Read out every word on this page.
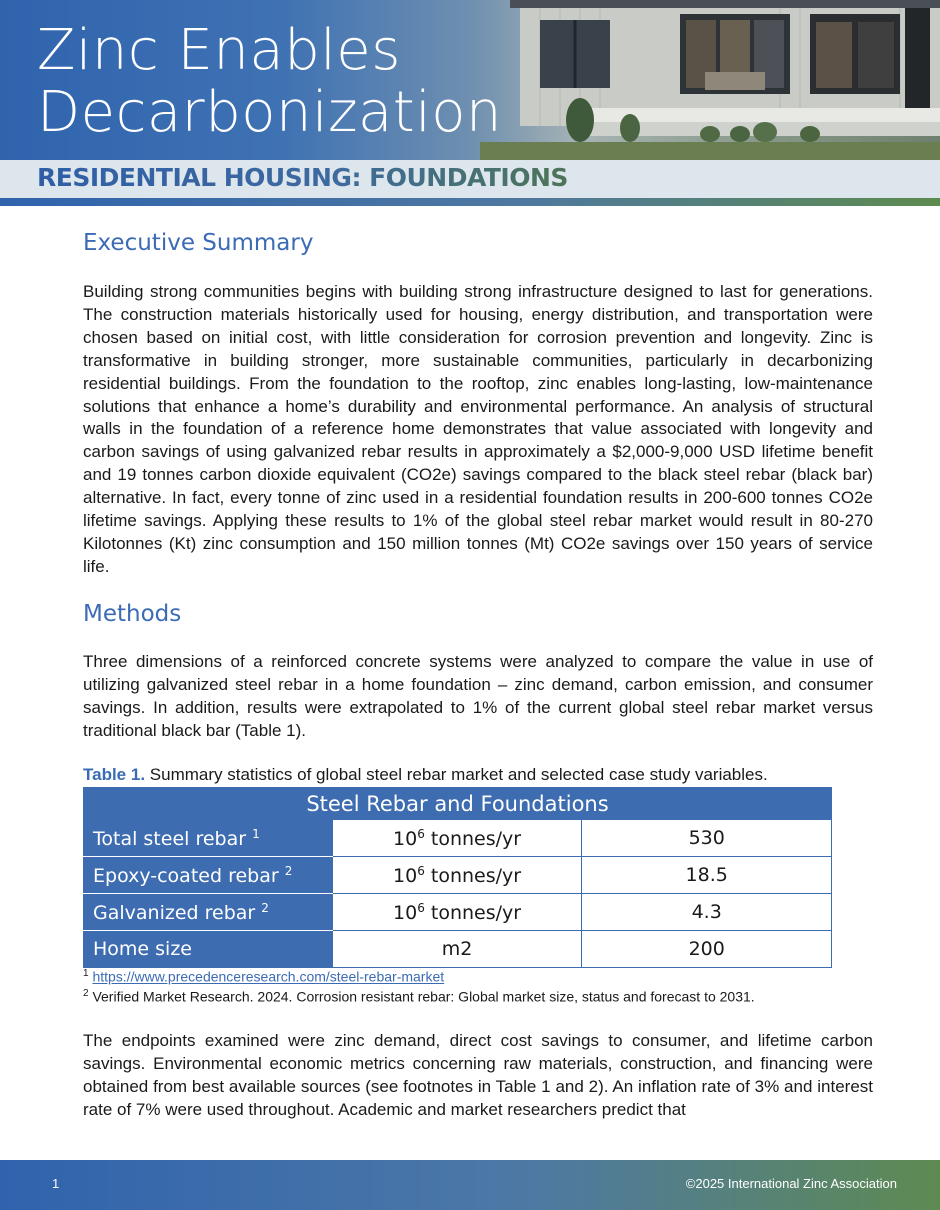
Zinc Enables
Decarbonization
RESIDENTIAL HOUSING: FOUNDATIONS
Executive Summary

Building strong communities begins with building strong infrastructure designed to last for generations. The construction materials historically used for housing, energy distribution, and transportation were chosen based on initial cost, with little consideration for corrosion prevention and longevity. Zinc is transformative in building stronger, more sustainable communities, particularly in decarbonizing residential buildings. From the foundation to the rooftop, zinc enables long-lasting, low-maintenance solutions that enhance a home’s durability and environmental performance. An analysis of structural walls in the foundation of a reference home demonstrates that value associated with longevity and carbon savings of using galvanized rebar results in approximately a $2,000-9,000 USD lifetime benefit and 19 tonnes carbon dioxide equivalent (CO2e) savings compared to the black steel rebar (black bar) alternative. In fact, every tonne of zinc used in a residential foundation results in 200-600 tonnes CO2e lifetime savings. Applying these results to 1% of the global steel rebar market would result in 80-270 Kilotonnes (Kt) zinc consumption and 150 million tonnes (Mt) CO2e savings over 150 years of service life.

Methods

Three dimensions of a reinforced concrete systems were analyzed to compare the value in use of utilizing galvanized steel rebar in a home foundation – zinc demand, carbon emission, and consumer savings. In addition, results were extrapolated to 1% of the current global steel rebar market versus traditional black bar (Table 1).

Table 1. Summary statistics of global steel rebar market and selected case study variables.
Steel Rebar and Foundations		
Total steel rebar $^1$	$10^6$ tonnes/yr	530
Epoxy-coated rebar $^2$	$10^6$ tonnes/yr	18.5
Galvanized rebar $^2$	$10^6$ tonnes/yr	4.3
Home size	m2	200
$^1$ https://www.precedenceresearch.com/steel-rebar-market
$^2$ Verified Market Research. 2024. Corrosion resistant rebar: Global market size, status and forecast to 2031.

The endpoints examined were zinc demand, direct cost savings to consumer, and lifetime carbon savings. Environmental economic metrics concerning raw materials, construction, and financing were obtained from best available sources (see footnotes in Table 1 and 2). An inflation rate of 3% and interest rate of 7% were used throughout. Academic and market researchers predict that

1	©2025 International Zinc Association
